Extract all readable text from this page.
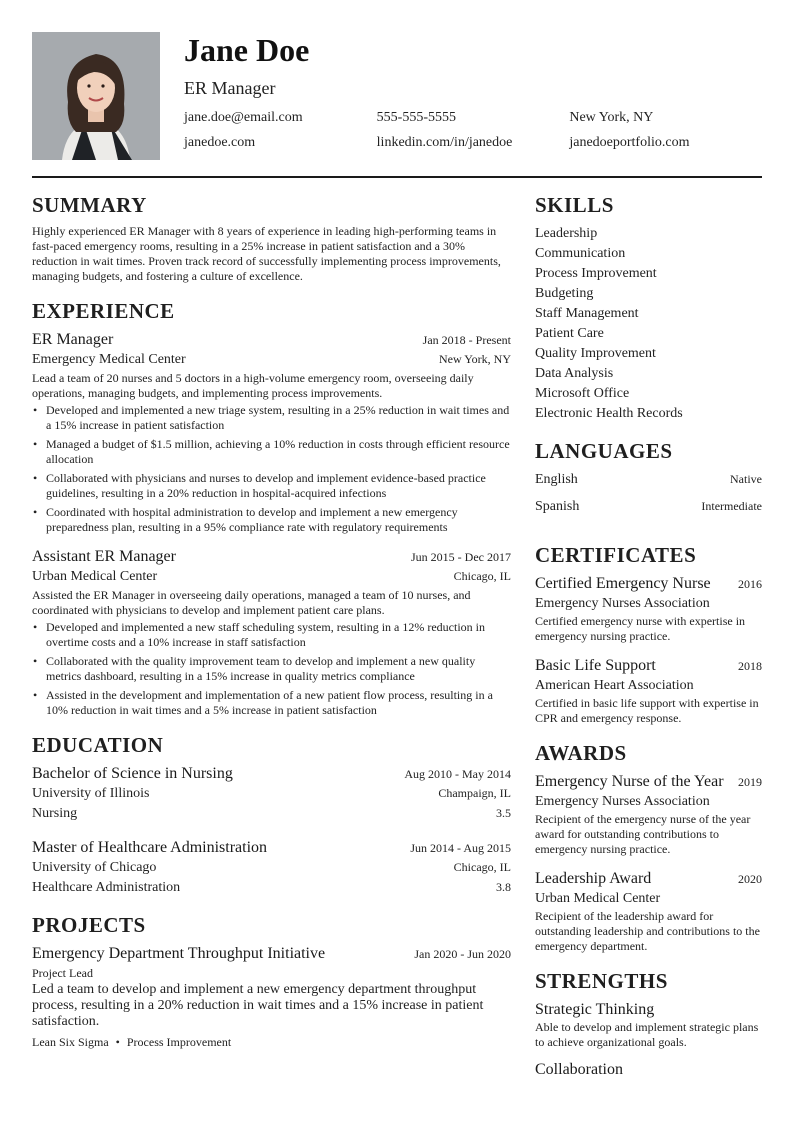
Jane Doe
ER Manager
jane.doe@email.com	555-555-5555	New York, NY
janedoe.com	linkedin.com/in/janedoe	janedoeportfolio.com
SUMMARY

Highly experienced ER Manager with 8 years of experience in leading high-performing teams in fast-paced emergency rooms, resulting in a 25% increase in patient satisfaction and a 30% reduction in wait times. Proven track record of successfully implementing process improvements, managing budgets, and fostering a culture of excellence.

EXPERIENCE
ER Manager	Jan 2018 - Present
Emergency Medical Center	New York, NY

Lead a team of 20 nurses and 5 doctors in a high-volume emergency room, overseeing daily operations, managing budgets, and implementing process improvements.

• Developed and implemented a new triage system, resulting in a 25% reduction in wait times and a 15% increase in patient satisfaction
• Managed a budget of $1.5 million, achieving a 10% reduction in costs through efficient resource allocation
• Collaborated with physicians and nurses to develop and implement evidence-based practice guidelines, resulting in a 20% reduction in hospital-acquired infections
• Coordinated with hospital administration to develop and implement a new emergency preparedness plan, resulting in a 95% compliance rate with regulatory requirements
Assistant ER Manager	Jun 2015 - Dec 2017
Urban Medical Center	Chicago, IL

Assisted the ER Manager in overseeing daily operations, managed a team of 10 nurses, and coordinated with physicians to develop and implement patient care plans.

• Developed and implemented a new staff scheduling system, resulting in a 12% reduction in overtime costs and a 10% increase in staff satisfaction
• Collaborated with the quality improvement team to develop and implement a new quality metrics dashboard, resulting in a 15% increase in quality metrics compliance
• Assisted in the development and implementation of a new patient flow process, resulting in a 10% reduction in wait times and a 5% increase in patient satisfaction
EDUCATION
Bachelor of Science in Nursing	Aug 2010 - May 2014
University of Illinois	Champaign, IL
Nursing	3.5
Master of Healthcare Administration	Jun 2014 - Aug 2015
University of Chicago	Chicago, IL
Healthcare Administration	3.8
PROJECTS
Emergency Department Throughput Initiative	Jan 2020 - Jun 2020
Project Lead

Led a team to develop and implement a new emergency department throughput process, resulting in a 20% reduction in wait times and a 15% increase in patient satisfaction.

Lean Six Sigma • Process Improvement
SKILLS
Leadership
Communication
Process Improvement
Budgeting
Staff Management
Patient Care
Quality Improvement
Data Analysis
Microsoft Office
Electronic Health Records
LANGUAGES
English	Native
Spanish	Intermediate
CERTIFICATES
Certified Emergency Nurse 2016
Emergency Nurses Association

Certified emergency nurse with expertise in emergency nursing practice.

Basic Life Support	2018
American Heart Association

Certified in basic life support with expertise in CPR and emergency response.

AWARDS
Emergency Nurse of the Year 2019
Emergency Nurses Association

Recipient of the emergency nurse of the year award for outstanding contributions to emergency nursing practice.

Leadership Award	2020
Urban Medical Center

Recipient of the leadership award for outstanding leadership and contributions to the emergency department.

STRENGTHS
Strategic Thinking

Able to develop and implement strategic plans to achieve organizational goals.

Collaboration
